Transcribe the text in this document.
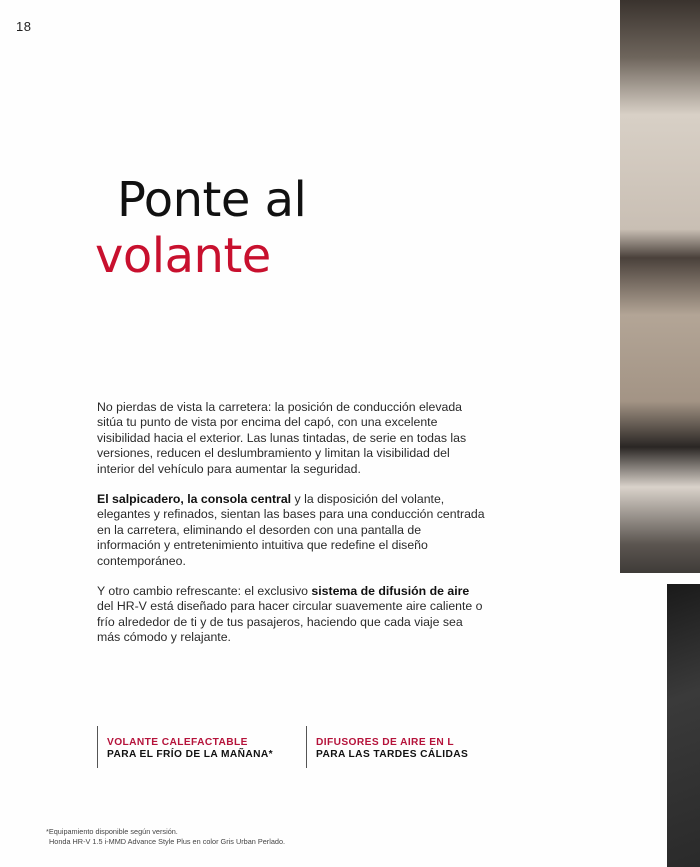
18
Ponte al
volante

No pierdas de vista la carretera: la posición de conducción elevada sitúa tu punto de vista por encima del capó, con una excelente visibilidad hacia el exterior. Las lunas tintadas, de serie en todas las versiones, reducen el deslumbramiento y limitan la visibilidad del interior del vehículo para aumentar la seguridad.

El salpicadero, la consola central y la disposición del volante, elegantes y refinados, sientan las bases para una conducción centrada en la carretera, eliminando el desorden con una pantalla de información y entretenimiento intuitiva que redefine el diseño contemporáneo.

Y otro cambio refrescante: el exclusivo sistema de difusión de aire del HR-V está diseñado para hacer circular suavemente aire caliente o frío alrededor de ti y de tus pasajeros, haciendo que cada viaje sea más cómodo y relajante.

VOLANTE CALEFACTABLE
PARA EL FRÍO DE LA MAÑANA*
DIFUSORES DE AIRE EN L
PARA LAS TARDES CÁLIDAS
*Equipamiento disponible según versión.
Honda HR-V 1.5 i-MMD Advance Style Plus en color Gris Urban Perlado.
